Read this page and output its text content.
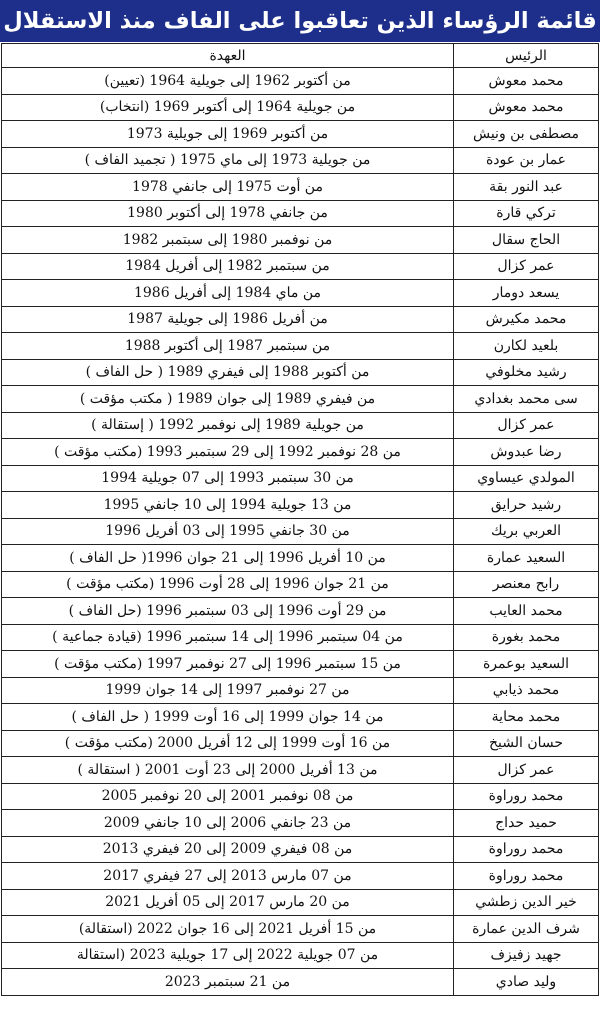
قائمة الرؤساء الذين تعاقبوا على الفاف منذ الاستقلال
الرئيس	العهدة
محمد معوش	من أكتوبر 1962 إلى جويلية 1964 (تعيين)
محمد معوش	من جويلية 1964 إلى أكتوبر 1969 (انتخاب)
مصطفى بن ونيش	من أكتوبر 1969 إلى جويلية 1973
عمار بن عودة	من جويلية 1973 إلى ماي 1975 ( تجميد الفاف )
عبد النور بقة	من أوت 1975 إلى جانفي 1978
تركي قارة	من جانفي 1978 إلى أكتوبر 1980
الحاج سقال	من نوفمبر 1980 إلى سبتمبر 1982
عمر كزال	من سبتمبر 1982 إلى أفريل 1984
يسعد دومار	من ماي 1984 إلى أفريل 1986
محمد مكيرش	من أفريل 1986 إلى جويلية 1987
بلعيد لكارن	من سبتمبر 1987 إلى أكتوبر 1988
رشيد مخلوفي	من أكتوبر 1988 إلى فيفري 1989 ( حل الفاف )
سى محمد بغدادي	من فيفري 1989 إلى جوان 1989 ( مكتب مؤقت )
عمر كزال	من جويلية 1989 إلى نوفمبر 1992 ( إستقالة )
رضا عبدوش	من 28 نوفمبر 1992 إلى 29 سبتمبر 1993 (مكتب مؤقت )
المولدي عيساوي	من 30 سبتمبر 1993 إلى 07 جويلية 1994
رشيد حرايق	من 13 جويلية 1994 إلى 10 جانفي 1995
العربي بريك	من 30 جانفي 1995 إلى 03 أفريل 1996
السعيد عمارة	من 10 أفريل 1996 إلى 21 جوان 1996( حل الفاف )
رابح معنصر	من 21 جوان 1996 إلى 28 أوت 1996 (مكتب مؤقت )
محمد العايب	من 29 أوت 1996 إلى 03 سبتمبر 1996 (حل الفاف )
محمد بغورة	من 04 سبتمبر 1996 إلى 14 سبتمبر 1996 (قيادة جماعية )
السعيد بوعمرة	من 15 سبتمبر 1996 إلى 27 نوفمبر 1997 (مكتب مؤقت )
محمد ذيابي	من 27 نوفمبر 1997 إلى 14 جوان 1999
محمد محاية	من 14 جوان 1999 إلى 16 أوت 1999 ( حل الفاف )
حسان الشيخ	من 16 أوت 1999 إلى 12 أفريل 2000 (مكتب مؤقت )
عمر كزال	من 13 أفريل 2000 إلى 23 أوت 2001 ( استقالة )
محمد روراوة	من 08 نوفمبر 2001 إلى 20 نوفمبر 2005
حميد حداج	من 23 جانفي 2006 إلى 10 جانفي 2009
محمد روراوة	من 08 فيفري 2009 إلى 20 فيفري 2013
محمد روراوة	من 07 مارس 2013 إلى 27 فيفري 2017
خير الدين زطشي	من 20 مارس 2017 إلى 05 أفريل 2021
شرف الدين عمارة	من 15 أفريل 2021 إلى 16 جوان 2022 (استقالة)
جهيد زفيزف	من 07 جويلية 2022 إلى 17 جويلية 2023 (استقالة
وليد صادي	من 21 سبتمبر 2023
